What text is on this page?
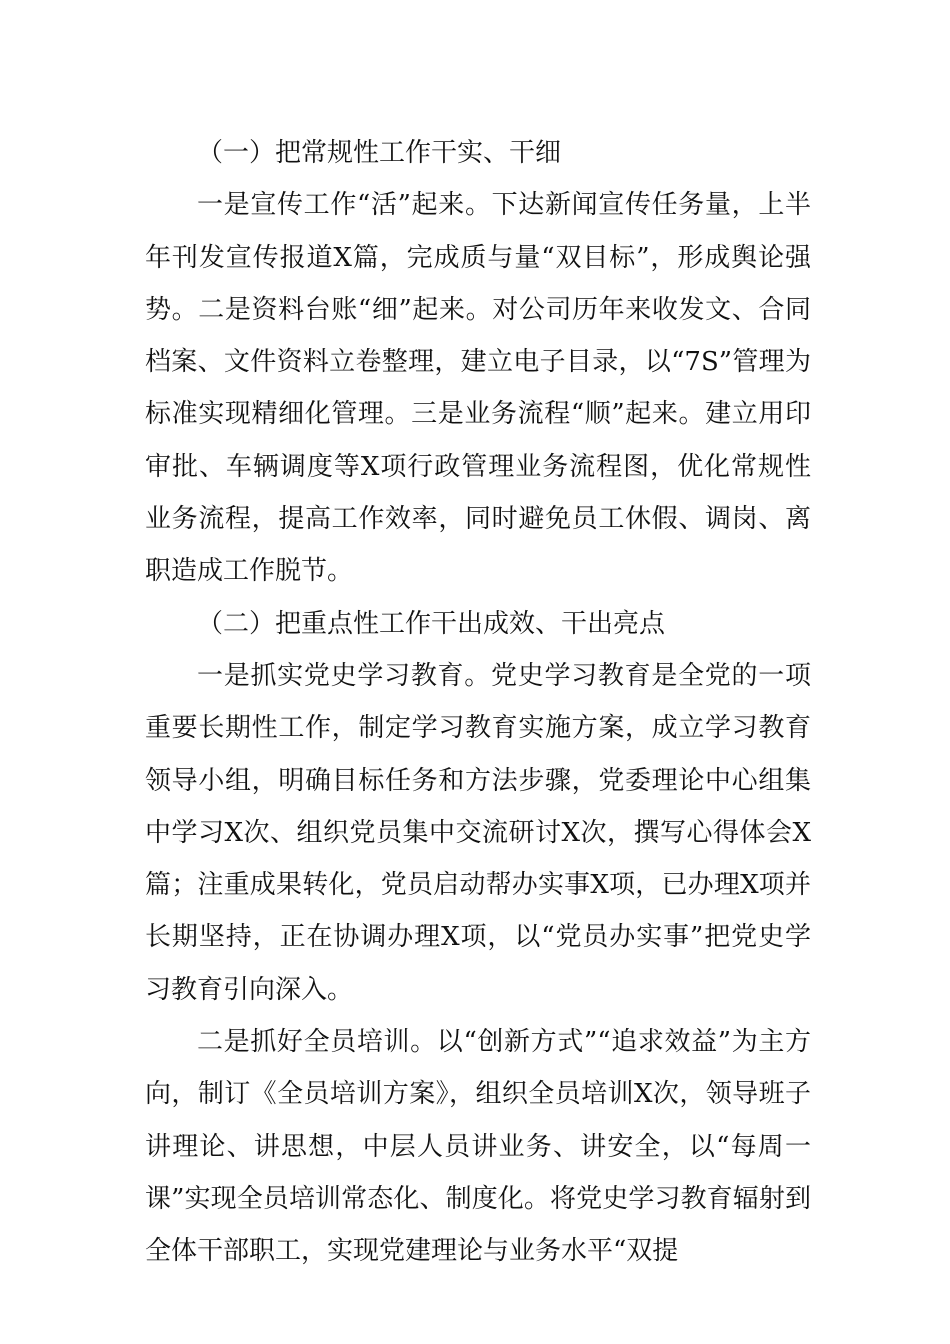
（一）把常规性工作干实、干细

一是宣传工作“活”起来。下达新闻宣传任务量，上半年刊发宣传报道X篇，完成质与量“双目标”，形成舆论强势。二是资料台账“细”起来。对公司历年来收发文、合同档案、文件资料立卷整理，建立电子目录，以“7S”管理为标准实现精细化管理。三是业务流程“顺”起来。建立用印审批、车辆调度等X项行政管理业务流程图，优化常规性业务流程，提高工作效率，同时避免员工休假、调岗、离职造成工作脱节。

（二）把重点性工作干出成效、干出亮点

一是抓实党史学习教育。党史学习教育是全党的一项重要长期性工作，制定学习教育实施方案，成立学习教育领导小组，明确目标任务和方法步骤，党委理论中心组集中学习X次、组织党员集中交流研讨X次，撰写心得体会X篇；注重成果转化，党员启动帮办实事X项，已办理X项并长期坚持，正在协调办理X项，以“党员办实事”把党史学习教育引向深入。

二是抓好全员培训。以“创新方式”“追求效益”为主方向，制订《全员培训方案》，组织全员培训X次，领导班子讲理论、讲思想，中层人员讲业务、讲安全，以“每周一课”实现全员培训常态化、制度化。将党史学习教育辐射到全体干部职工，实现党建理论与业务水平“双提
